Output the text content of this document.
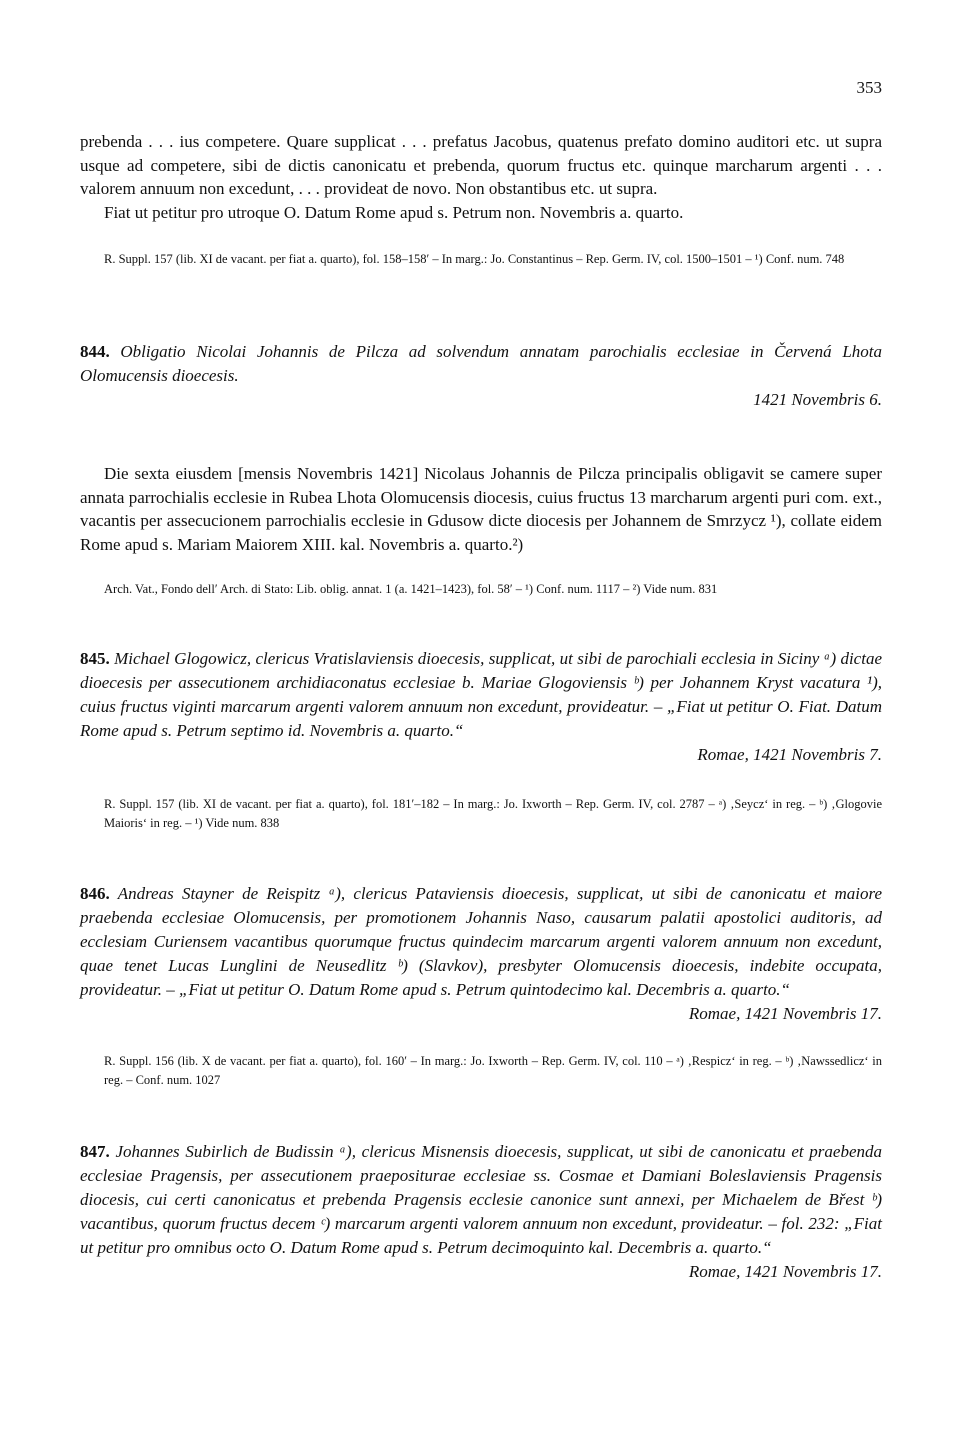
353

prebenda . . . ius competere. Quare supplicat . . . prefatus Jacobus, quatenus prefato domino auditori etc. ut supra usque ad competere, sibi de dictis canonicatu et prebenda, quorum fructus etc. quinque marcharum argenti . . . valorem annuum non excedunt, . . . provideat de novo. Non obstantibus etc. ut supra.

Fiat ut petitur pro utroque O. Datum Rome apud s. Petrum non. Novembris a. quarto.

R. Suppl. 157 (lib. XI de vacant. per fiat a. quarto), fol. 158–158′ – In marg.: Jo. Constantinus – Rep. Germ. IV, col. 1500–1501 – ¹) Conf. num. 748

844. Obligatio Nicolai Johannis de Pilcza ad solvendum annatam parochialis ecclesiae in Červená Lhota Olomucensis dioecesis.
1421 Novembris 6.

Die sexta eiusdem [mensis Novembris 1421] Nicolaus Johannis de Pilcza principalis obligavit se camere super annata parrochialis ecclesie in Rubea Lhota Olomucensis diocesis, cuius fructus 13 marcharum argenti puri com. ext., vacantis per assecucionem parrochialis ecclesie in Gdusow dicte diocesis per Johannem de Smrzycz ¹), collate eidem Rome apud s. Mariam Maiorem XIII. kal. Novembris a. quarto.²)

Arch. Vat., Fondo dell′ Arch. di Stato: Lib. oblig. annat. 1 (a. 1421–1423), fol. 58′ – ¹) Conf. num. 1117 – ²) Vide num. 831

845. Michael Glogowicz, clericus Vratislaviensis dioecesis, supplicat, ut sibi de parochiali ecclesia in Siciny ᵃ) dictae dioecesis per assecutionem archidiaconatus ecclesiae b. Mariae Glogoviensis ᵇ) per Johannem Kryst vacatura ¹), cuius fructus viginti marcarum argenti valorem annuum non excedunt, provideatur. – „Fiat ut petitur O. Fiat. Datum Rome apud s. Petrum septimo id. Novembris a. quarto.“
Romae, 1421 Novembris 7.

R. Suppl. 157 (lib. XI de vacant. per fiat a. quarto), fol. 181′–182 – In marg.: Jo. Ixworth – Rep. Germ. IV, col. 2787 – ᵃ) ‚Seycz‘ in reg. – ᵇ) ‚Glogovie Maioris‘ in reg. – ¹) Vide num. 838

846. Andreas Stayner de Reispitz ᵃ), clericus Pataviensis dioecesis, supplicat, ut sibi de canonicatu et maiore praebenda ecclesiae Olomucensis, per promotionem Johannis Naso, causarum palatii apostolici auditoris, ad ecclesiam Curiensem vacantibus quorumque fructus quindecim marcarum argenti valorem annuum non excedunt, quae tenet Lucas Lunglini de Neusedlitz ᵇ) (Slavkov), presbyter Olomucensis dioecesis, indebite occupata, provideatur. – „Fiat ut petitur O. Datum Rome apud s. Petrum quintodecimo kal. Decembris a. quarto.“
Romae, 1421 Novembris 17.

R. Suppl. 156 (lib. X de vacant. per fiat a. quarto), fol. 160′ – In marg.: Jo. Ixworth – Rep. Germ. IV, col. 110 – ᵃ) ‚Respicz‘ in reg. – ᵇ) ‚Nawssedlicz‘ in reg. – Conf. num. 1027

847. Johannes Subirlich de Budissin ᵃ), clericus Misnensis dioecesis, supplicat, ut sibi de canonicatu et praebenda ecclesiae Pragensis, per assecutionem praepositurae ecclesiae ss. Cosmae et Damiani Boleslaviensis Pragensis diocesis, cui certi canonicatus et prebenda Pragensis ecclesie canonice sunt annexi, per Michaelem de Břest ᵇ) vacantibus, quorum fructus decem ᶜ) marcarum argenti valorem annuum non excedunt, provideatur. – fol. 232: „Fiat ut petitur pro omnibus octo O. Datum Rome apud s. Petrum decimoquinto kal. Decembris a. quarto.“
Romae, 1421 Novembris 17.
